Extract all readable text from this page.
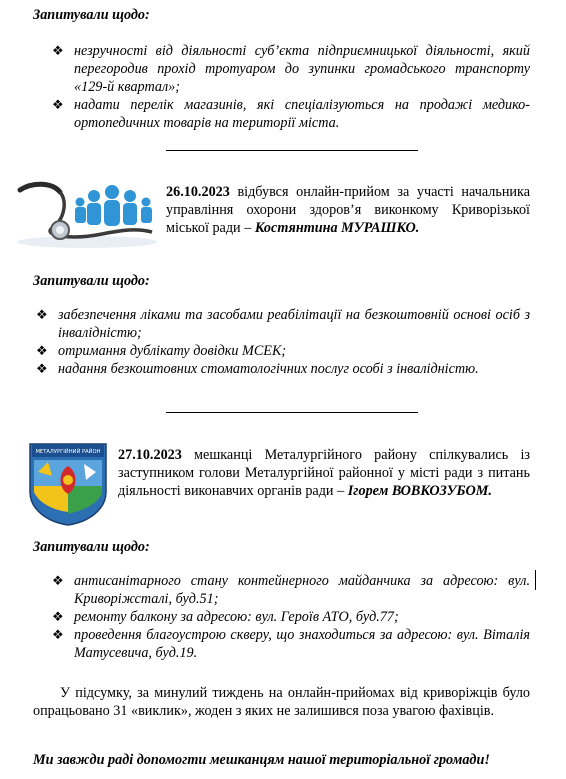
Запитували щодо:
❖ незручності від діяльності суб’єкта підприємницької діяльності, який перегородив прохід тротуаром до зупинки громадського транспорту «129-й квартал»;
❖ надати перелік магазинів, які спеціалізуються на продажі медико-ортопедичних товарів на території міста.
26.10.2023 відбувся онлайн-прийом за участі начальника управління охорони здоров’я виконкому Криворізької міської ради – Костянтина МУРАШКО.
Запитували щодо:
❖ забезпечення ліками та засобами реабілітації на безкоштовній основі осіб з інвалідністю;
❖ отримання дублікату довідки МСЕК;
❖ надання безкоштовних стоматологічних послуг особі з інвалідністю.
МЕТАЛУРГІЙНИЙ РАЙОН 27.10.2023 мешканці Металургійного району спілкувались із заступником голови Металургійної районної у місті ради з питань діяльності виконавчих органів ради – Ігорем ВОВКОЗУБОМ.
Запитували щодо:
❖ антисанітарного стану контейнерного майданчика за адресою: вул. Криворіжсталі, буд.51;
❖ ремонту балкону за адресою: вул. Героїв АТО, буд.77;
❖ проведення благоустрою скверу, що знаходиться за адресою: вул. Віталія Матусевича, буд.19.
У підсумку, за минулий тиждень на онлайн-прийомах від криворіжців було опрацьовано 31 «виклик», жоден з яких не залишився поза увагою фахівців.
Ми завжди раді допомогти мешканцям нашої територіальної громади!
